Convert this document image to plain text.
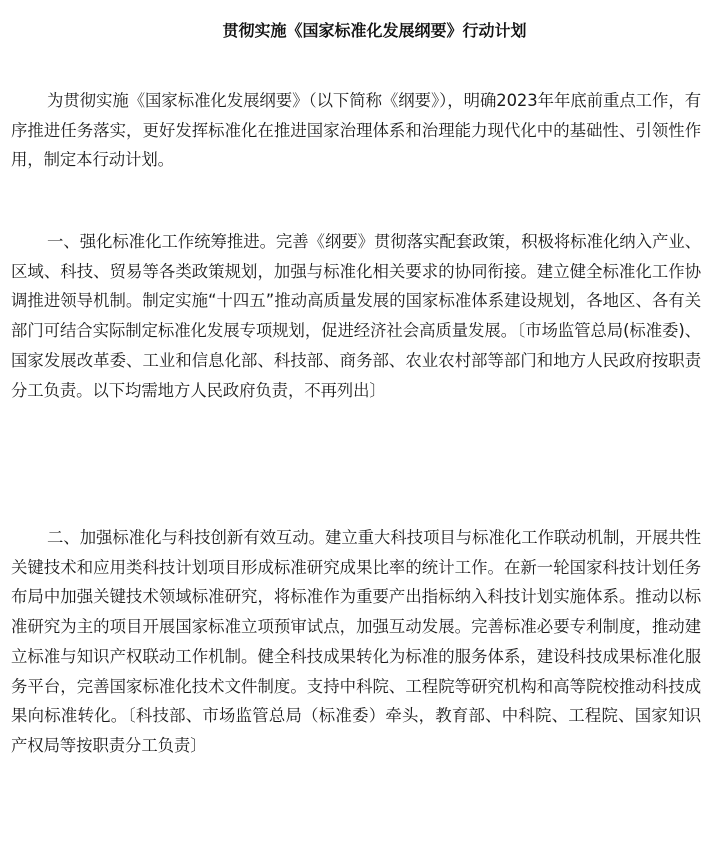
贯彻实施《国家标准化发展纲要》行动计划

为贯彻实施《国家标准化发展纲要》（以下简称《纲要》），明确2023年年底前重点工作，有序推进任务落实，更好发挥标准化在推进国家治理体系和治理能力现代化中的基础性、引领性作用，制定本行动计划。

一、强化标准化工作统筹推进。完善《纲要》贯彻落实配套政策，积极将标准化纳入产业、区域、科技、贸易等各类政策规划，加强与标准化相关要求的协同衔接。建立健全标准化工作协调推进领导机制。制定实施“十四五”推动高质量发展的国家标准体系建设规划，各地区、各有关部门可结合实际制定标准化发展专项规划，促进经济社会高质量发展。〔市场监管总局(标准委)、国家发展改革委、工业和信息化部、科技部、商务部、农业农村部等部门和地方人民政府按职责分工负责。以下均需地方人民政府负责，不再列出〕

二、加强标准化与科技创新有效互动。建立重大科技项目与标准化工作联动机制，开展共性关键技术和应用类科技计划项目形成标准研究成果比率的统计工作。在新一轮国家科技计划任务布局中加强关键技术领域标准研究，将标准作为重要产出指标纳入科技计划实施体系。推动以标准研究为主的项目开展国家标准立项预审试点，加强互动发展。完善标准必要专利制度，推动建立标准与知识产权联动工作机制。健全科技成果转化为标准的服务体系，建设科技成果标准化服务平台，完善国家标准化技术文件制度。支持中科院、工程院等研究机构和高等院校推动科技成果向标准转化。〔科技部、市场监管总局（标准委）牵头，教育部、中科院、工程院、国家知识产权局等按职责分工负责〕
